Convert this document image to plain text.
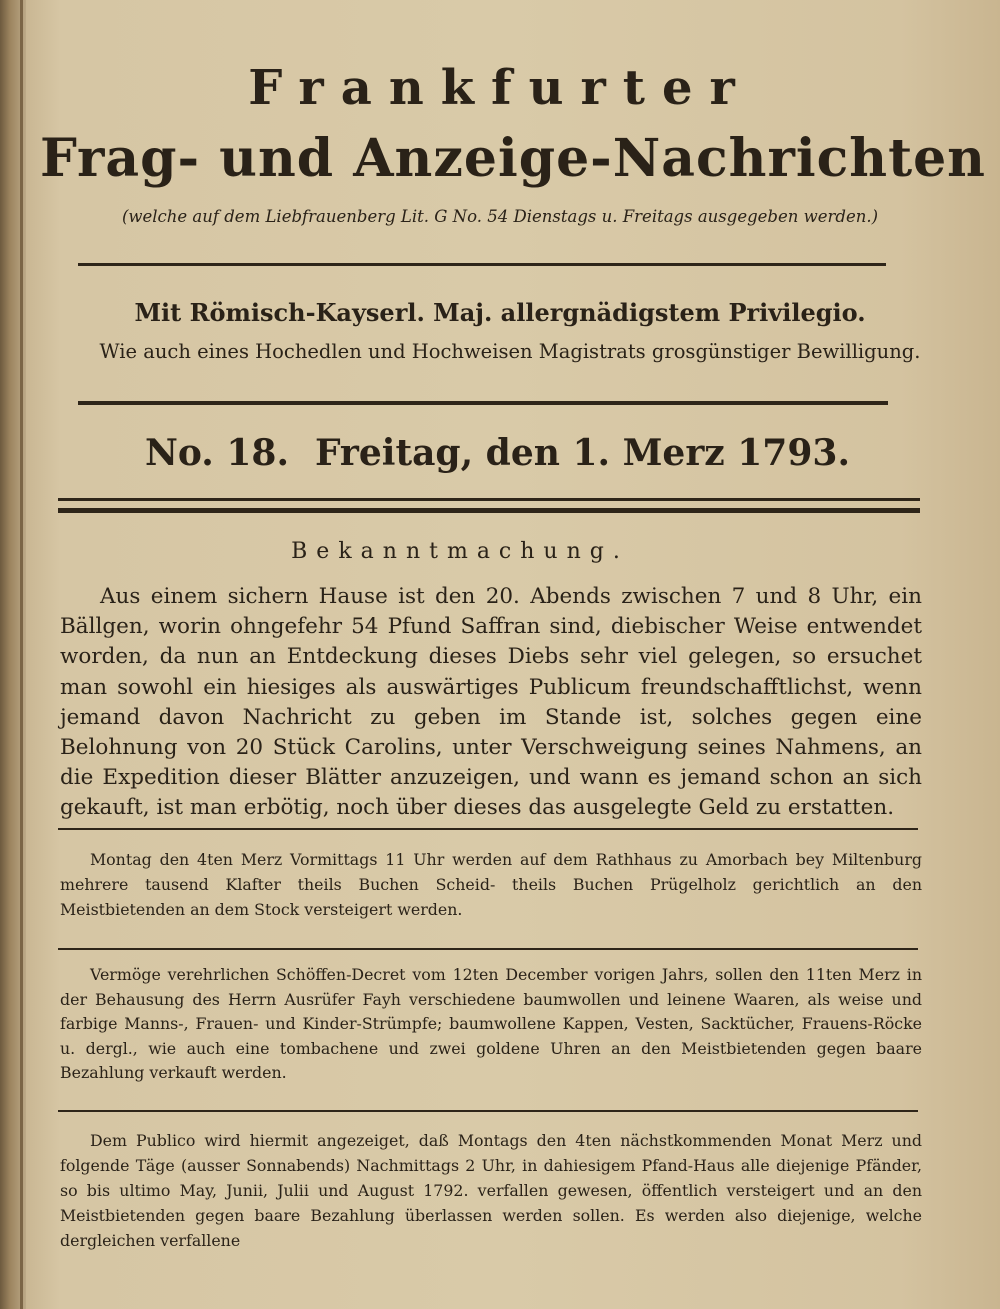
Frankfurter
Frag- und Anzeige-Nachrichten
(welche auf dem Liebfrauenberg Lit. G No. 54 Dienstags u. Freitags ausgegeben werden.)
Mit Römisch-Kayserl. Maj. allergnädigstem Privilegio.
Wie auch eines Hochedlen und Hochweisen Magistrats grosgünstiger Bewilligung.
No. 18. Freitag, den 1. Merz 1793.
Bekanntmachung.
Aus einem sichern Hause ist den 20. Abends zwischen 7 und 8 Uhr, ein Bällgen, worin ohngefehr 54 Pfund Saffran sind, diebischer Weise entwendet worden, da nun an Entdeckung dieses Diebs sehr viel gelegen, so ersuchet man sowohl ein hiesiges als auswärtiges Publicum freundschafftlichst, wenn jemand davon Nachricht zu geben im Stande ist, solches gegen eine Belohnung von 20 Stück Carolins, unter Verschweigung seines Nahmens, an die Expedition dieser Blätter anzuzeigen, und wann es jemand schon an sich gekauft, ist man erbötig, noch über dieses das ausgelegte Geld zu erstatten.
Montag den 4ten Merz Vormittags 11 Uhr werden auf dem Rathhaus zu Amorbach bey Miltenburg mehrere tausend Klafter theils Buchen Scheid- theils Buchen Prügelholz gerichtlich an den Meistbietenden an dem Stock versteigert werden.
Vermöge verehrlichen Schöffen-Decret vom 12ten December vorigen Jahrs, sollen den 11ten Merz in der Behausung des Herrn Ausrüfer Fayh verschiedene baumwollen und leinene Waaren, als weise und farbige Manns-, Frauen- und Kinder-Strümpfe; baumwollene Kappen, Vesten, Sacktücher, Frauens-Röcke u. dergl., wie auch eine tombachene und zwei goldene Uhren an den Meistbietenden gegen baare Bezahlung verkauft werden.
Dem Publico wird hiermit angezeiget, daß Montags den 4ten nächstkommenden Monat Merz und folgende Täge (ausser Sonnabends) Nachmittags 2 Uhr, in dahiesigem Pfand-Haus alle diejenige Pfänder, so bis ultimo May, Junii, Julii und August 1792. verfallen gewesen, öffentlich versteigert und an den Meistbietenden gegen baare Bezahlung überlassen werden sollen. Es werden also diejenige, welche dergleichen verfallene
